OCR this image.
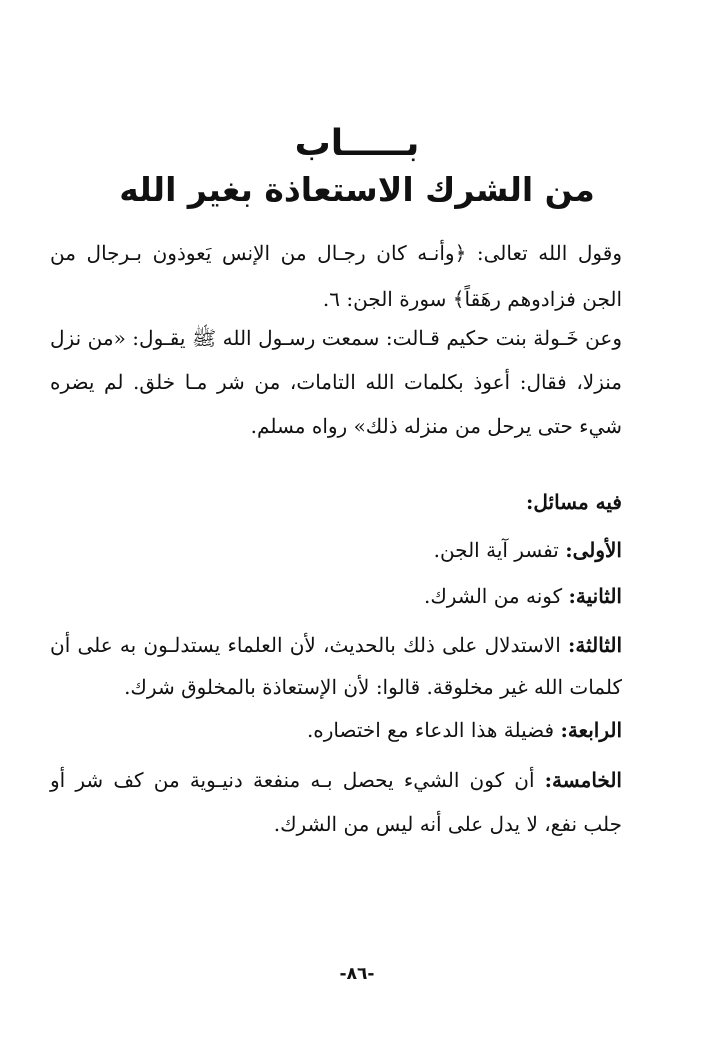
بـــــاب
من الشرك الاستعاذة بغير الله
وقول الله تعالى: ﴿وأنـه كان رجـال من الإنس يَعوذون بـرجال من الجن فزادوهم رهَقاً﴾ سورة الجن: ٦.
وعن خَـولة بنت حكيم قـالت: سمعت رسـول الله ﷺ يقـول: «من نزل منزلا، فقال: أعوذ بكلمات الله التامات، من شر مـا خلق. لم يضره شيء حتى يرحل من منزله ذلك» رواه مسلم.
فيه مسائل:
الأولى: تفسر آية الجن.
الثانية: كونه من الشرك.
الثالثة: الاستدلال على ذلك بالحديث، لأن العلماء يستدلـون به على أن كلمات الله غير مخلوقة. قالوا: لأن الإستعاذة بالمخلوق شرك.
الرابعة: فضيلة هذا الدعاء مع اختصاره.
الخامسة: أن كون الشيء يحصل بـه منفعة دنيـوية من كف شر أو جلب نفع، لا يدل على أنه ليس من الشرك.
-٨٦-
